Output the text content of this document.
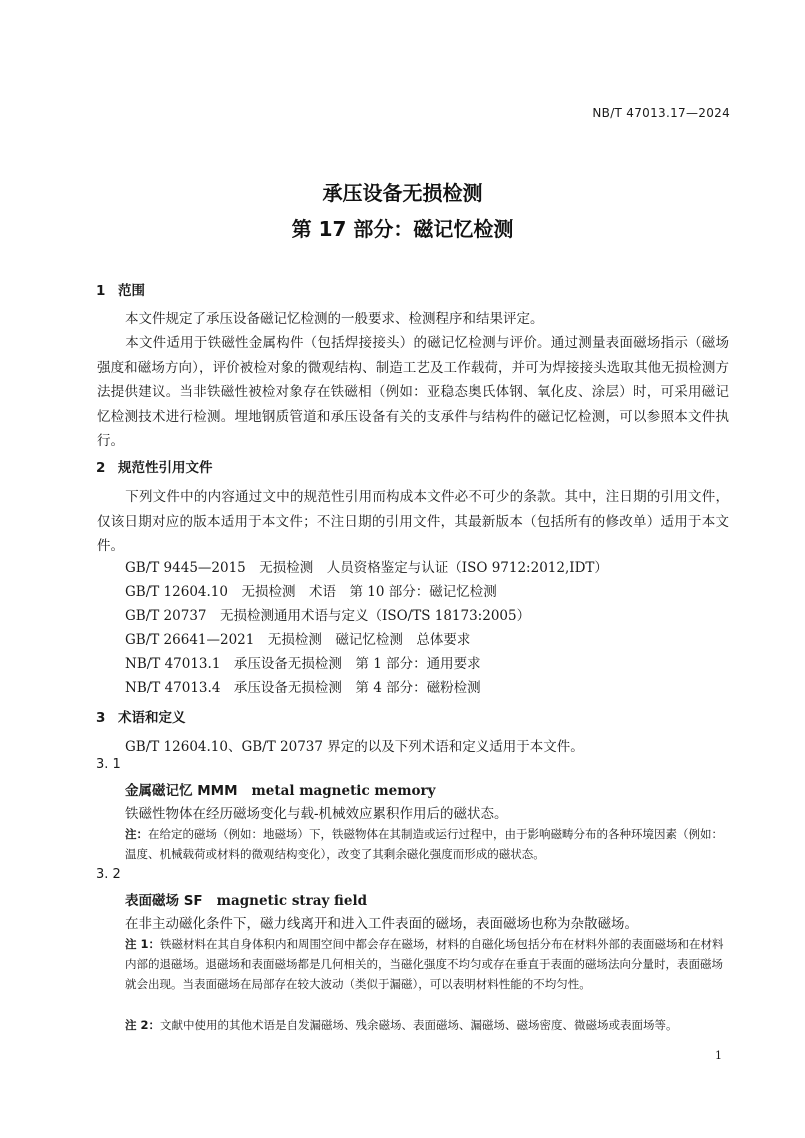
NB/T 47013.17—2024
承压设备无损检测
第 17 部分：磁记忆检测
1 范围
本文件规定了承压设备磁记忆检测的一般要求、检测程序和结果评定。
本文件适用于铁磁性金属构件（包括焊接接头）的磁记忆检测与评价。通过测量表面磁场指示（磁场强度和磁场方向），评价被检对象的微观结构、制造工艺及工作载荷，并可为焊接接头选取其他无损检测方法提供建议。当非铁磁性被检对象存在铁磁相（例如：亚稳态奥氏体钢、氧化皮、涂层）时，可采用磁记忆检测技术进行检测。埋地钢质管道和承压设备有关的支承件与结构件的磁记忆检测，可以参照本文件执行。
2 规范性引用文件
下列文件中的内容通过文中的规范性引用而构成本文件必不可少的条款。其中，注日期的引用文件，仅该日期对应的版本适用于本文件；不注日期的引用文件，其最新版本（包括所有的修改单）适用于本文件。
GB/T 9445—2015　无损检测　人员资格鉴定与认证（ISO 9712:2012,IDT）
GB/T 12604.10　无损检测　术语　第 10 部分：磁记忆检测
GB/T 20737　无损检测通用术语与定义（ISO/TS 18173:2005）
GB/T 26641—2021　无损检测　磁记忆检测　总体要求
NB/T 47013.1　承压设备无损检测　第 1 部分：通用要求
NB/T 47013.4　承压设备无损检测　第 4 部分：磁粉检测
3 术语和定义
GB/T 12604.10、GB/T 20737 界定的以及下列术语和定义适用于本文件。
3. 1
金属磁记忆 MMM metal magnetic memory
铁磁性物体在经历磁场变化与载-机械效应累积作用后的磁状态。
注：在给定的磁场（例如：地磁场）下，铁磁物体在其制造或运行过程中，由于影响磁畴分布的各种环境因素（例如：温度、机械载荷或材料的微观结构变化），改变了其剩余磁化强度而形成的磁状态。
3. 2
表面磁场 SF magnetic stray field
在非主动磁化条件下，磁力线离开和进入工件表面的磁场，表面磁场也称为杂散磁场。
注 1：铁磁材料在其自身体积内和周围空间中都会存在磁场，材料的自磁化场包括分布在材料外部的表面磁场和在材料内部的退磁场。退磁场和表面磁场都是几何相关的，当磁化强度不均匀或存在垂直于表面的磁场法向分量时，表面磁场就会出现。当表面磁场在局部存在较大波动（类似于漏磁），可以表明材料性能的不均匀性。
注 2：文献中使用的其他术语是自发漏磁场、残余磁场、表面磁场、漏磁场、磁场密度、微磁场或表面场等。
1
